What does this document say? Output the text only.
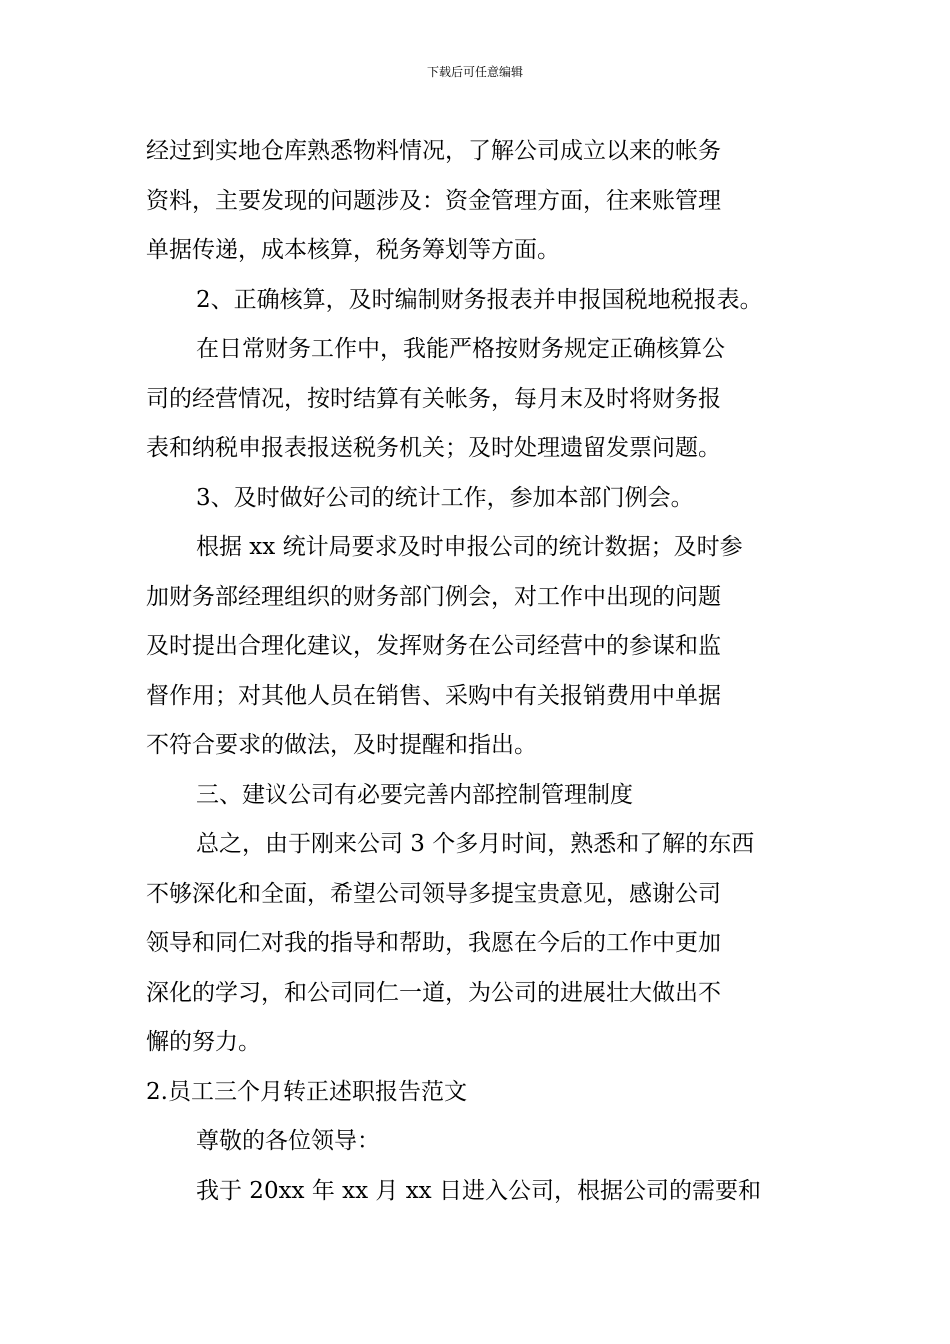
下载后可任意编辑
经过到实地仓库熟悉物料情况，了解公司成立以来的帐务
资料，主要发现的问题涉及：资金管理方面，往来账管理
单据传递，成本核算，税务筹划等方面。
2、正确核算，及时编制财务报表并申报国税地税报表。
在日常财务工作中，我能严格按财务规定正确核算公
司的经营情况，按时结算有关帐务，每月末及时将财务报
表和纳税申报表报送税务机关；及时处理遗留发票问题。
3、及时做好公司的统计工作，参加本部门例会。
根据 xx 统计局要求及时申报公司的统计数据；及时参
加财务部经理组织的财务部门例会，对工作中出现的问题
及时提出合理化建议，发挥财务在公司经营中的参谋和监
督作用；对其他人员在销售、采购中有关报销费用中单据
不符合要求的做法，及时提醒和指出。
三、建议公司有必要完善内部控制管理制度
总之，由于刚来公司 3 个多月时间，熟悉和了解的东西
不够深化和全面，希望公司领导多提宝贵意见，感谢公司
领导和同仁对我的指导和帮助，我愿在今后的工作中更加
深化的学习，和公司同仁一道，为公司的进展壮大做出不
懈的努力。
2.员工三个月转正述职报告范文
尊敬的各位领导：
我于 20xx 年 xx 月 xx 日进入公司，根据公司的需要和
